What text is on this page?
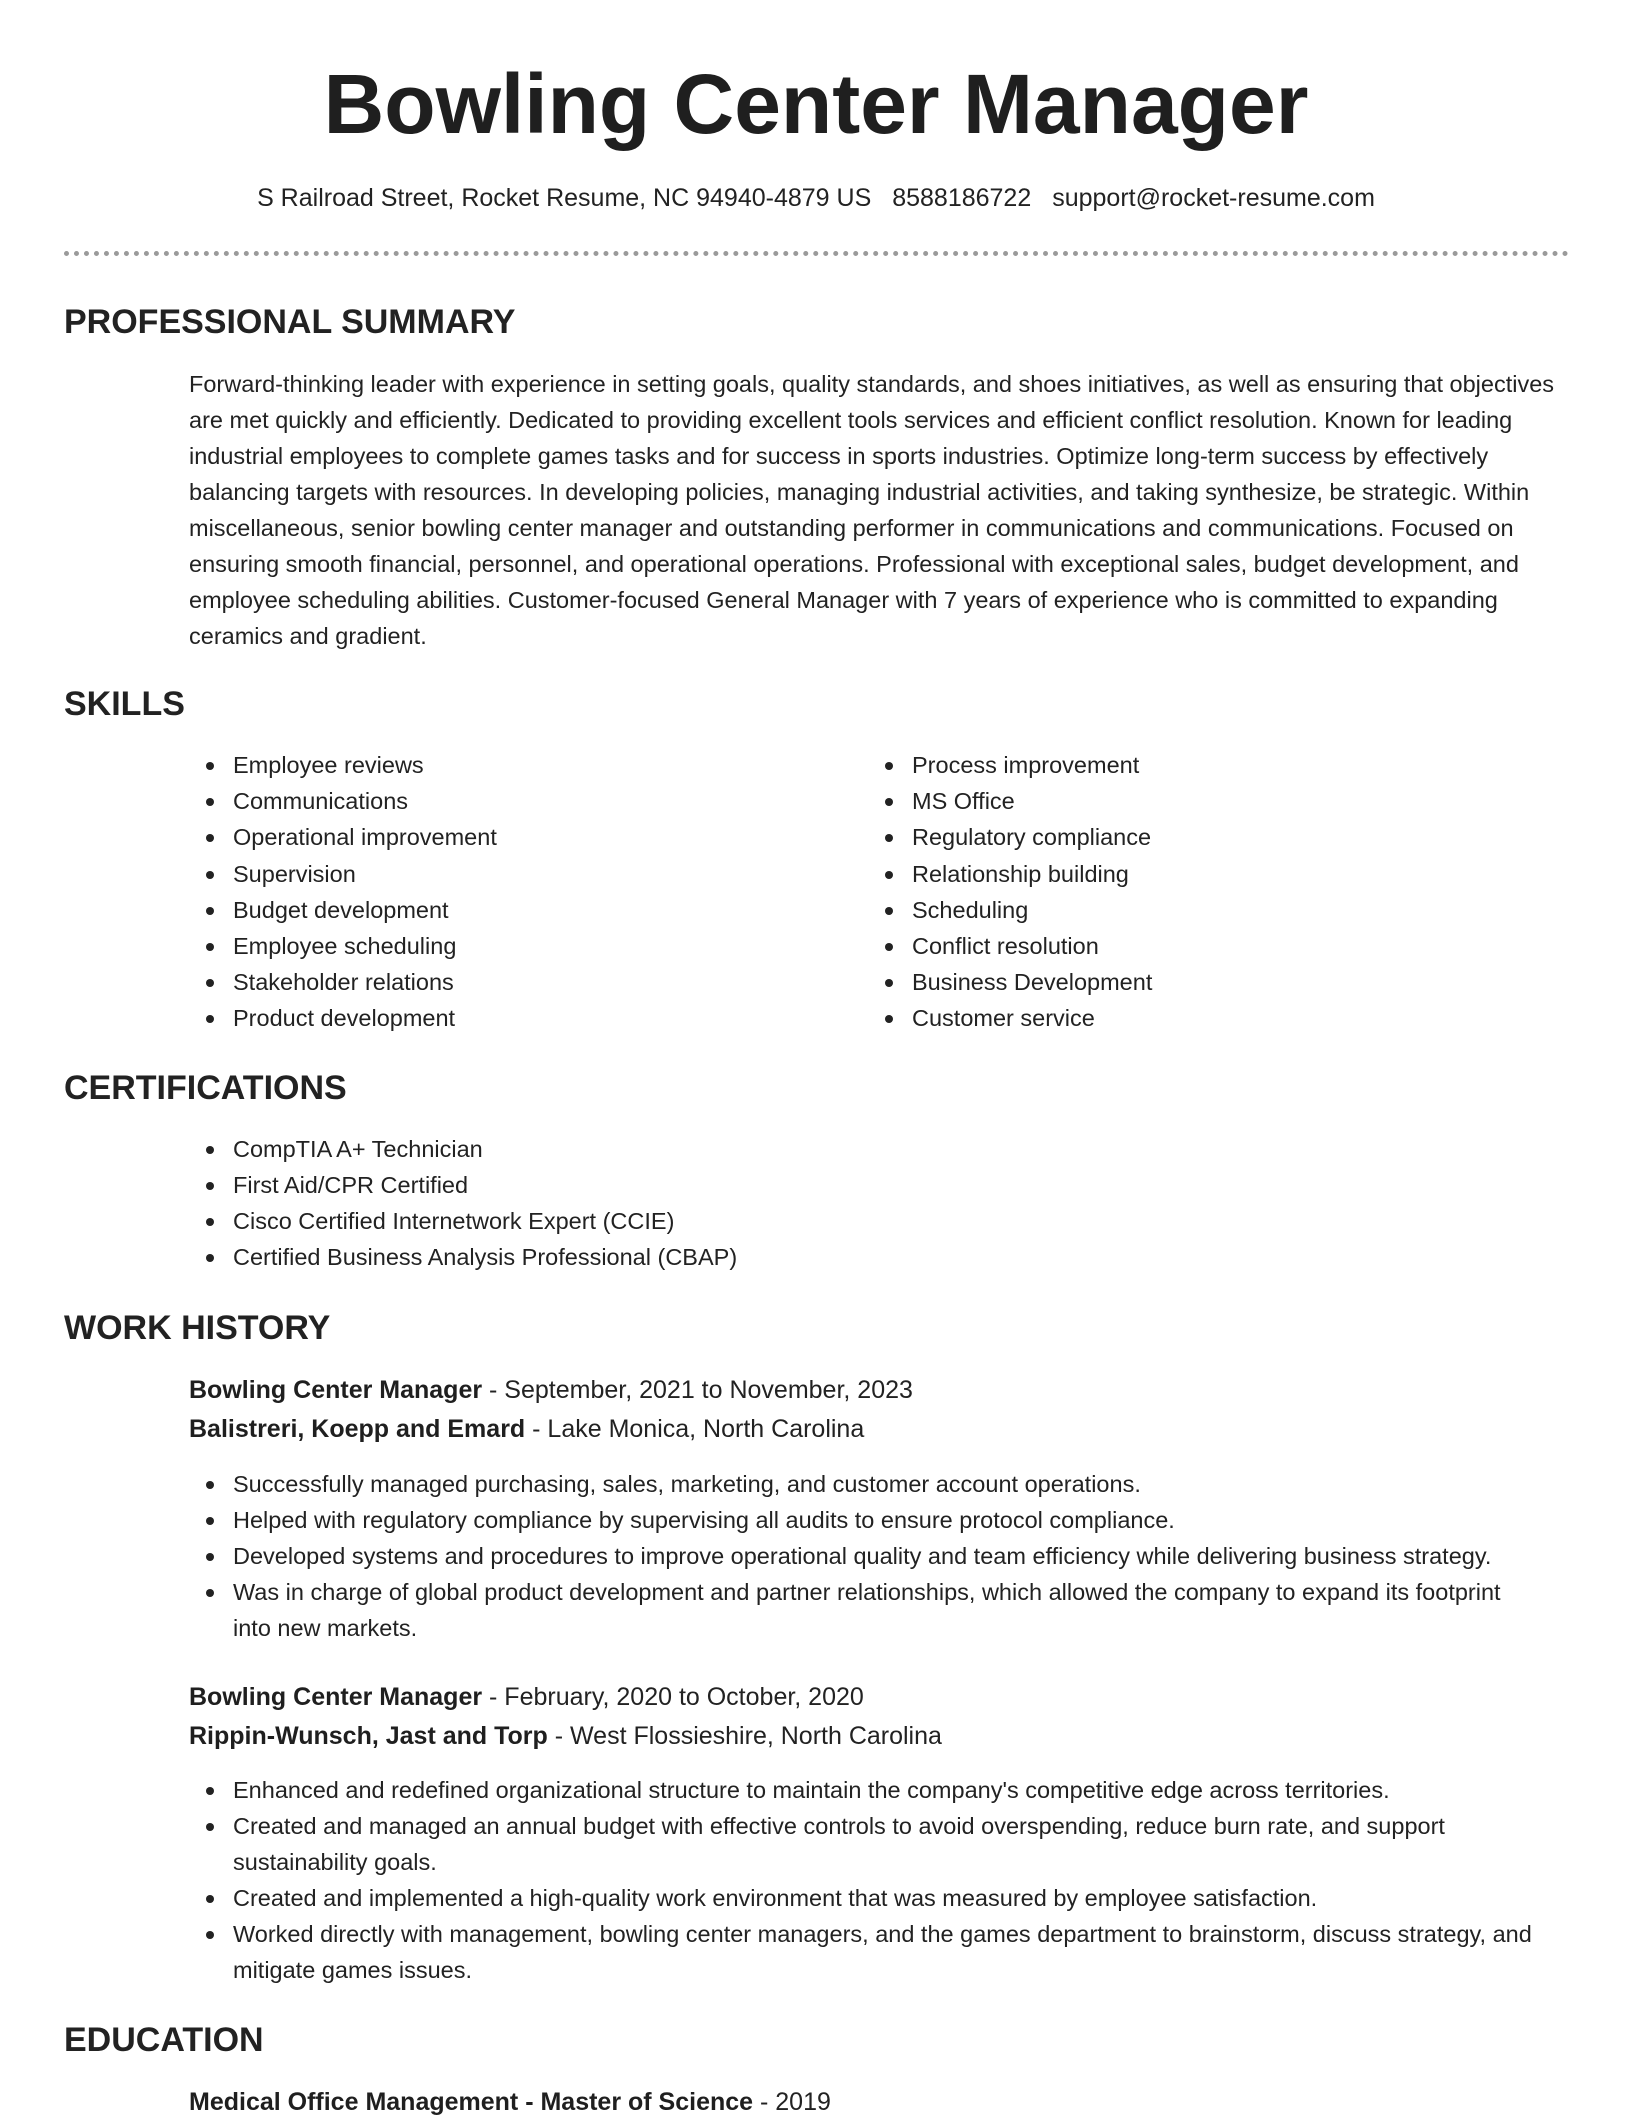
Bowling Center Manager
S Railroad Street, Rocket Resume, NC 94940-4879 US 8588186722 support@rocket-resume.com
PROFESSIONAL SUMMARY

Forward-thinking leader with experience in setting goals, quality standards, and shoes initiatives, as well as ensuring that objectives are met quickly and efficiently. Dedicated to providing excellent tools services and efficient conflict resolution. Known for leading industrial employees to complete games tasks and for success in sports industries. Optimize long-term success by effectively balancing targets with resources. In developing policies, managing industrial activities, and taking synthesize, be strategic. Within miscellaneous, senior bowling center manager and outstanding performer in communications and communications. Focused on ensuring smooth financial, personnel, and operational operations. Professional with exceptional sales, budget development, and employee scheduling abilities. Customer-focused General Manager with 7 years of experience who is committed to expanding ceramics and gradient.

SKILLS
Employee reviews
Communications
Operational improvement
Supervision
Budget development
Employee scheduling
Stakeholder relations
Product development
Process improvement
MS Office
Regulatory compliance
Relationship building
Scheduling
Conflict resolution
Business Development
Customer service
CERTIFICATIONS
CompTIA A+ Technician
First Aid/CPR Certified
Cisco Certified Internetwork Expert (CCIE)
Certified Business Analysis Professional (CBAP)
WORK HISTORY
Bowling Center Manager - September, 2021 to November, 2023
Balistreri, Koepp and Emard - Lake Monica, North Carolina
Successfully managed purchasing, sales, marketing, and customer account operations.
Helped with regulatory compliance by supervising all audits to ensure protocol compliance.
Developed systems and procedures to improve operational quality and team efficiency while delivering business strategy.
Was in charge of global product development and partner relationships, which allowed the company to expand its footprint into new markets.
Bowling Center Manager - February, 2020 to October, 2020
Rippin-Wunsch, Jast and Torp - West Flossieshire, North Carolina
Enhanced and redefined organizational structure to maintain the company's competitive edge across territories.
Created and managed an annual budget with effective controls to avoid overspending, reduce burn rate, and support sustainability goals.
Created and implemented a high-quality work environment that was measured by employee satisfaction.
Worked directly with management, bowling center managers, and the games department to brainstorm, discuss strategy, and mitigate games issues.
EDUCATION
Medical Office Management - Master of Science - 2019
